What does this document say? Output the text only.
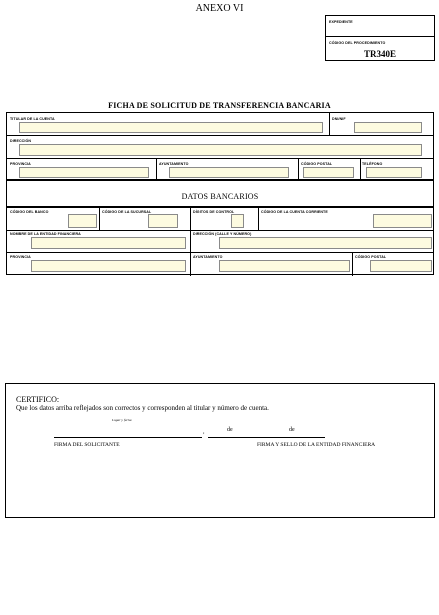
ANEXO VI
EXPEDIENTE
CÓDIGO DEL PROCEDIMIENTO
TR340E
FICHA DE SOLICITUD DE TRANSFERENCIA BANCARIA
TITULAR DE LA CUENTA	DNI/NIF
DIRECCIÓN
PROVINCIA	AYUNTAMIENTO	CÓDIGO POSTAL	TELÉFONO
DATOS BANCARIOS
CÓDIGO DEL BANCO	CÓDIGO DE LA SUCURSAL	DÍGITOS DE CONTROL	CÓDIGO DE LA CUENTA CORRIENTE
NOMBRE DE LA ENTIDAD FINANCIERA	DIRECCIÓN (CALLE Y NÚMERO)
PROVINCIA	AYUNTAMIENTO	CÓDIGO POSTAL
CERTIFICO:
Que los datos arriba reflejados son correctos y corresponden al titular y número de cuenta.
Lugar y fecha
,	de	de
FIRMA DEL SOLICITANTE	FIRMA Y SELLO DE LA ENTIDAD FINANCIERA
